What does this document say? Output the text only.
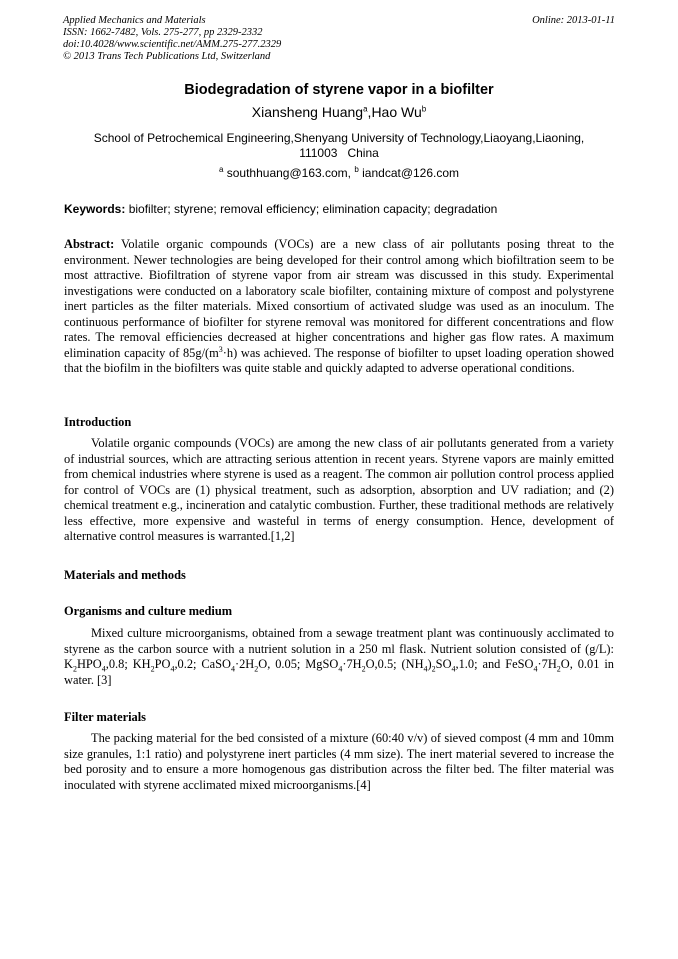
Applied Mechanics and Materials
ISSN: 1662-7482, Vols. 275-277, pp 2329-2332
doi:10.4028/www.scientific.net/AMM.275-277.2329
© 2013 Trans Tech Publications Ltd, Switzerland
Online: 2013-01-11
Biodegradation of styrene vapor in a biofilter
Xiansheng Huang$^a$,Hao Wu$^b$
School of Petrochemical Engineering,Shenyang University of Technology,Liaoyang,Liaoning,
111003   China
$^a$ southhuang@163.com, $^b$ iandcat@126.com
Keywords: biofilter; styrene; removal efficiency; elimination capacity; degradation
Abstract: Volatile organic compounds (VOCs) are a new class of air pollutants posing threat to the environment. Newer technologies are being developed for their control among which biofiltration seem to be most attractive. Biofiltration of styrene vapor from air stream was discussed in this study. Experimental investigations were conducted on a laboratory scale biofilter, containing mixture of compost and polystyrene inert particles as the filter materials. Mixed consortium of activated sludge was used as an inoculum. The continuous performance of biofilter for styrene removal was monitored for different concentrations and flow rates. The removal efficiencies decreased at higher concentrations and higher gas flow rates. A maximum elimination capacity of $85g/(m^3\cdot h)$ was achieved. The response of biofilter to upset loading operation showed that the biofilm in the biofilters was quite stable and quickly adapted to adverse operational conditions.
Introduction
Volatile organic compounds (VOCs) are among the new class of air pollutants generated from a variety of industrial sources, which are attracting serious attention in recent years. Styrene vapors are mainly emitted from chemical industries where styrene is used as a reagent. The common air pollution control process applied for control of VOCs are (1) physical treatment, such as adsorption, absorption and UV radiation; and (2) chemical treatment e.g., incineration and catalytic combustion. Further, these traditional methods are relatively less effective, more expensive and wasteful in terms of energy consumption. Hence, development of alternative control measures is warranted.[1,2]
Materials and methods
Organisms and culture medium
Mixed culture microorganisms, obtained from a sewage treatment plant was continuously acclimated to styrene as the carbon source with a nutrient solution in a 250 ml flask. Nutrient solution consisted of (g/L): $K_2HPO_4,0.8$; $KH_2PO_4,0.2$; $CaSO_4\cdot 2H_2O$, 0.05; $MgSO_4\cdot 7H_2O,0.5$; $(NH_4)_2SO_4,1.0$; and $FeSO_4\cdot 7H_2O$, 0.01 in water. [3]
Filter materials
The packing material for the bed consisted of a mixture (60:40 v/v) of sieved compost (4 mm and 10mm size granules, 1:1 ratio) and polystyrene inert particles (4 mm size). The inert material severed to increase the bed porosity and to ensure a more homogenous gas distribution across the filter bed. The filter material was inoculated with styrene acclimated mixed microorganisms.[4]
